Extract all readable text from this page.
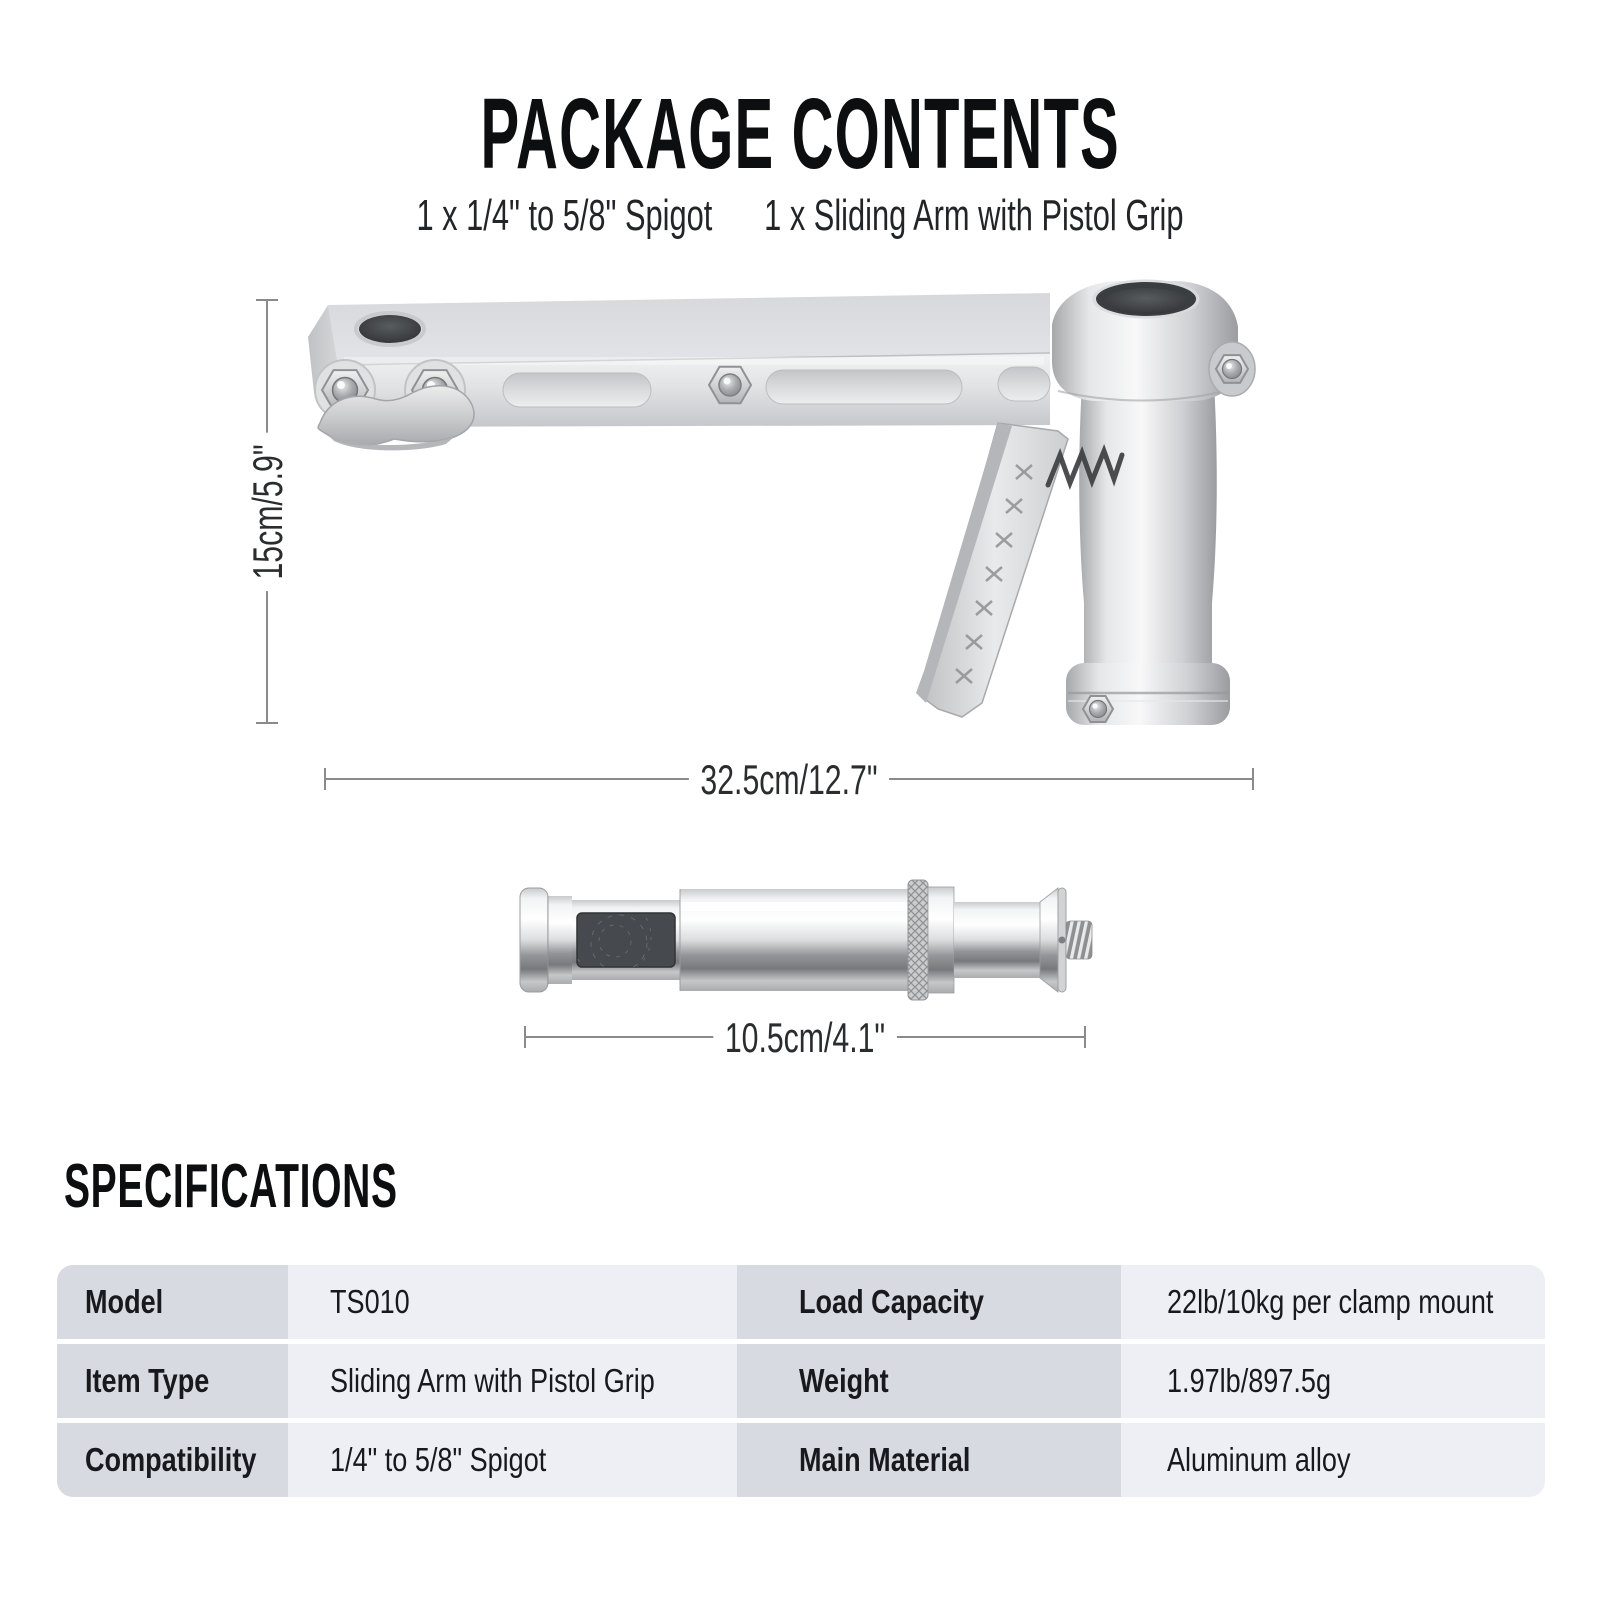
PACKAGE CONTENTS
1 x 1/4" to 5/8" Spigot 1 x Sliding Arm with Pistol Grip
15cm/5.9"
32.5cm/12.7"
10.5cm/4.1"
SPECIFICATIONS
Model	TS010	Load Capacity	22lb/10kg per clamp mount
Item Type	Sliding Arm with Pistol Grip	Weight	1.97lb/897.5g
Compatibility 1/4" to 5/8" Spigot	Main Material	Aluminum alloy
